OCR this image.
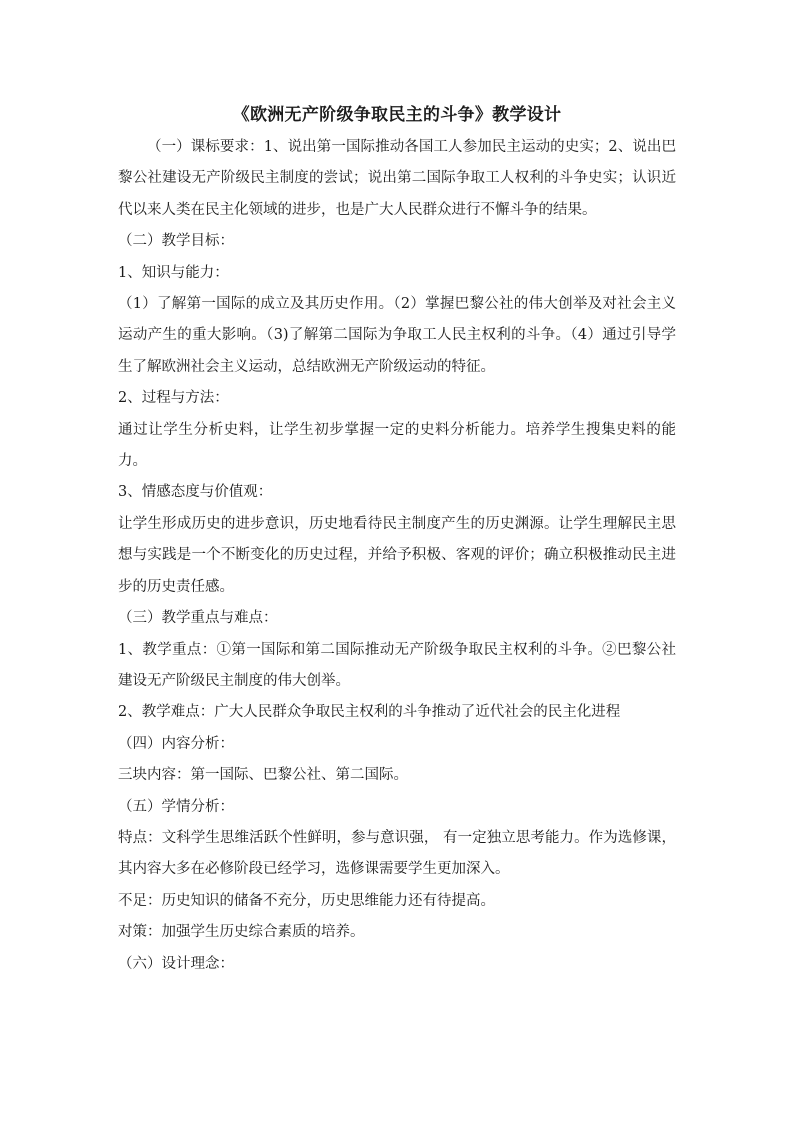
《欧洲无产阶级争取民主的斗争》教学设计

（一）课标要求：1、说出第一国际推动各国工人参加民主运动的史实；2、说出巴黎公社建设无产阶级民主制度的尝试；说出第二国际争取工人权利的斗争史实；认识近代以来人类在民主化领域的进步，也是广大人民群众进行不懈斗争的结果。

（二）教学目标：

1、知识与能力：

（1）了解第一国际的成立及其历史作用。（2）掌握巴黎公社的伟大创举及对社会主义运动产生的重大影响。（3)了解第二国际为争取工人民主权利的斗争。（4）通过引导学生了解欧洲社会主义运动，总结欧洲无产阶级运动的特征。

2、过程与方法：

通过让学生分析史料，让学生初步掌握一定的史料分析能力。培养学生搜集史料的能力。

3、情感态度与价值观：

让学生形成历史的进步意识，历史地看待民主制度产生的历史渊源。让学生理解民主思想与实践是一个不断变化的历史过程，并给予积极、客观的评价；确立积极推动民主进步的历史责任感。

（三）教学重点与难点：

1、教学重点：①第一国际和第二国际推动无产阶级争取民主权利的斗争。②巴黎公社建设无产阶级民主制度的伟大创举。

2、教学难点：广大人民群众争取民主权利的斗争推动了近代社会的民主化进程

（四）内容分析：

三块内容：第一国际、巴黎公社、第二国际。

（五）学情分析：

特点：文科学生思维活跃个性鲜明，参与意识强， 有一定独立思考能力。作为选修课，其内容大多在必修阶段已经学习，选修课需要学生更加深入。

不足：历史知识的储备不充分，历史思维能力还有待提高。

对策：加强学生历史综合素质的培养。

（六）设计理念：
